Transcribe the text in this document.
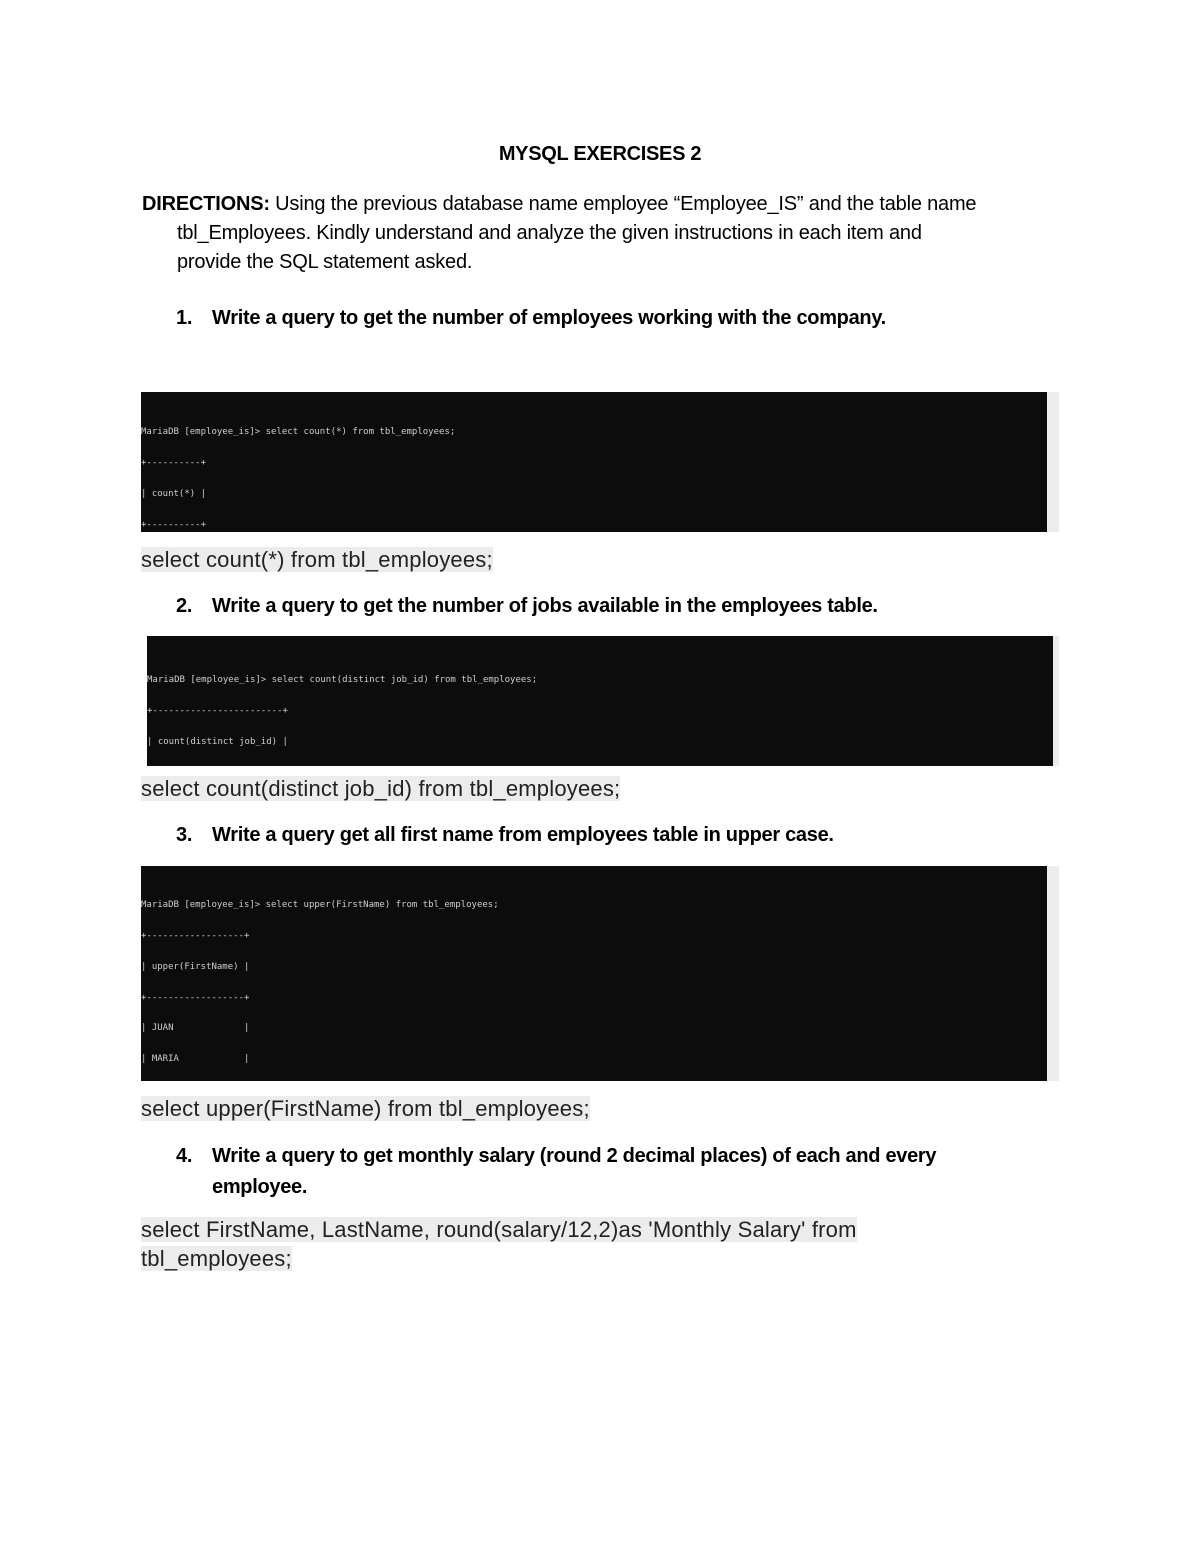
MYSQL EXERCISES 2
DIRECTIONS: Using the previous database name employee “Employee_IS” and the table name
tbl_Employees. Kindly understand and analyze the given instructions in each item and
provide the SQL statement asked.
1. Write a query to get the number of employees working with the company.

MariaDB [employee_is]> select count(*) from tbl_employees;

+----------+

| count(*) |

+----------+

select count(*) from tbl_employees;
2. Write a query to get the number of jobs available in the employees table.

MariaDB [employee_is]> select count(distinct job_id) from tbl_employees;

+------------------------+

| count(distinct job_id) |

select count(distinct job_id) from tbl_employees;
3. Write a query get all first name from employees table in upper case.

MariaDB [employee_is]> select upper(FirstName) from tbl_employees;

+------------------+

| upper(FirstName) |

+------------------+

| JUAN             |

| MARIA            |

select upper(FirstName) from tbl_employees;
4. Write a query to get monthly salary (round 2 decimal places) of each and every employee.
select FirstName, LastName, round(salary/12,2)as 'Monthly Salary' from
tbl_employees;
